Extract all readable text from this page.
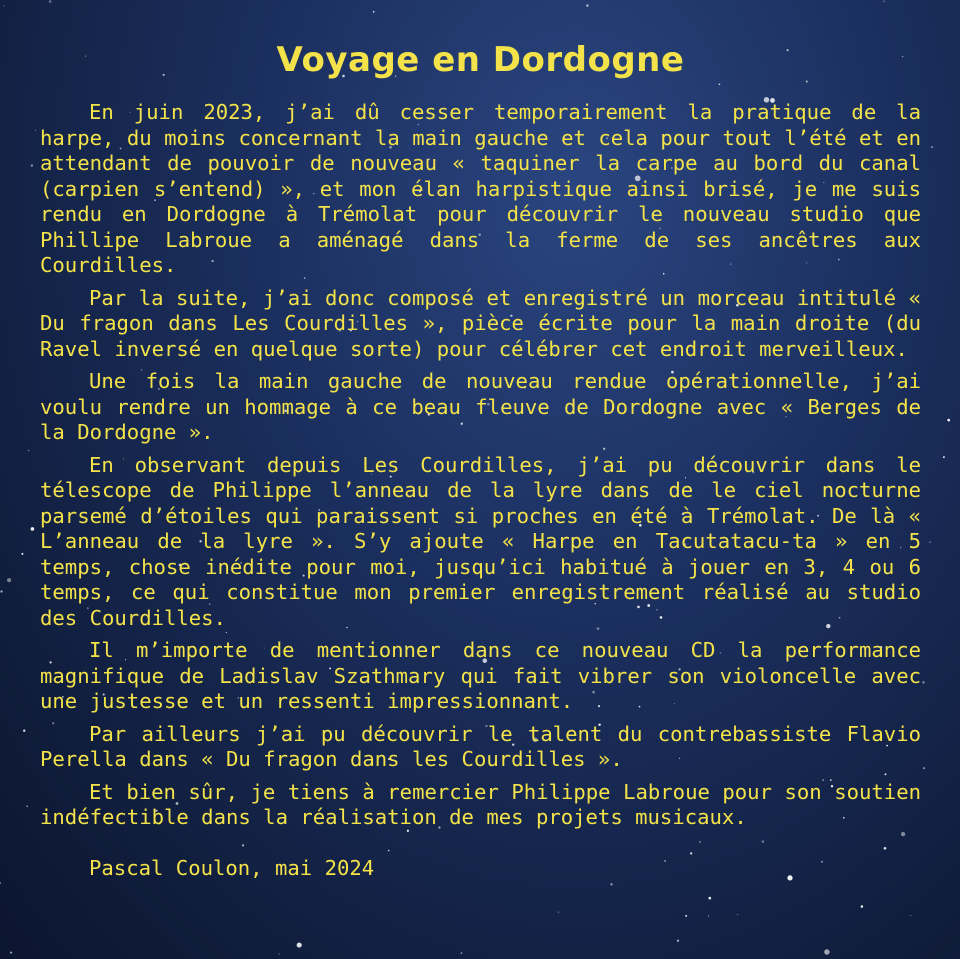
Voyage en Dordogne

En juin 2023, j’ai dû cesser temporairement la pratique de la harpe, du moins concernant la main gauche et cela pour tout l’été et en attendant de pouvoir de nouveau « taquiner la carpe au bord du canal (carpien s’entend) », et mon élan harpistique ainsi brisé, je me suis rendu en Dordogne à Trémolat pour découvrir le nouveau studio que Phillipe Labroue a aménagé dans la ferme de ses ancêtres aux Courdilles.

Par la suite, j’ai donc composé et enregistré un morceau intitulé « Du fragon dans Les Courdilles », pièce écrite pour la main droite (du Ravel inversé en quelque sorte) pour célébrer cet endroit merveilleux.

Une fois la main gauche de nouveau rendue opérationnelle, j’ai voulu rendre un hommage à ce beau fleuve de Dordogne avec « Berges de la Dordogne ».

En observant depuis Les Courdilles, j’ai pu découvrir dans le télescope de Philippe l’anneau de la lyre dans de le ciel nocturne parsemé d’étoiles qui paraissent si proches en été à Trémolat. De là « L’anneau de la lyre ». S’y ajoute « Harpe en Tacutatacu-ta » en 5 temps, chose inédite pour moi, jusqu’ici habitué à jouer en 3, 4 ou 6 temps, ce qui constitue mon premier enregistrement réalisé au studio des Courdilles.

Il m’importe de mentionner dans ce nouveau CD la performance magnifique de Ladislav Szathmary qui fait vibrer son violoncelle avec une justesse et un ressenti impressionnant.

Par ailleurs j’ai pu découvrir le talent du contrebassiste Flavio Perella dans « Du fragon dans les Courdilles ».

Et bien sûr, je tiens à remercier Philippe Labroue pour son soutien indéfectible dans la réalisation de mes projets musicaux.

Pascal Coulon, mai 2024
